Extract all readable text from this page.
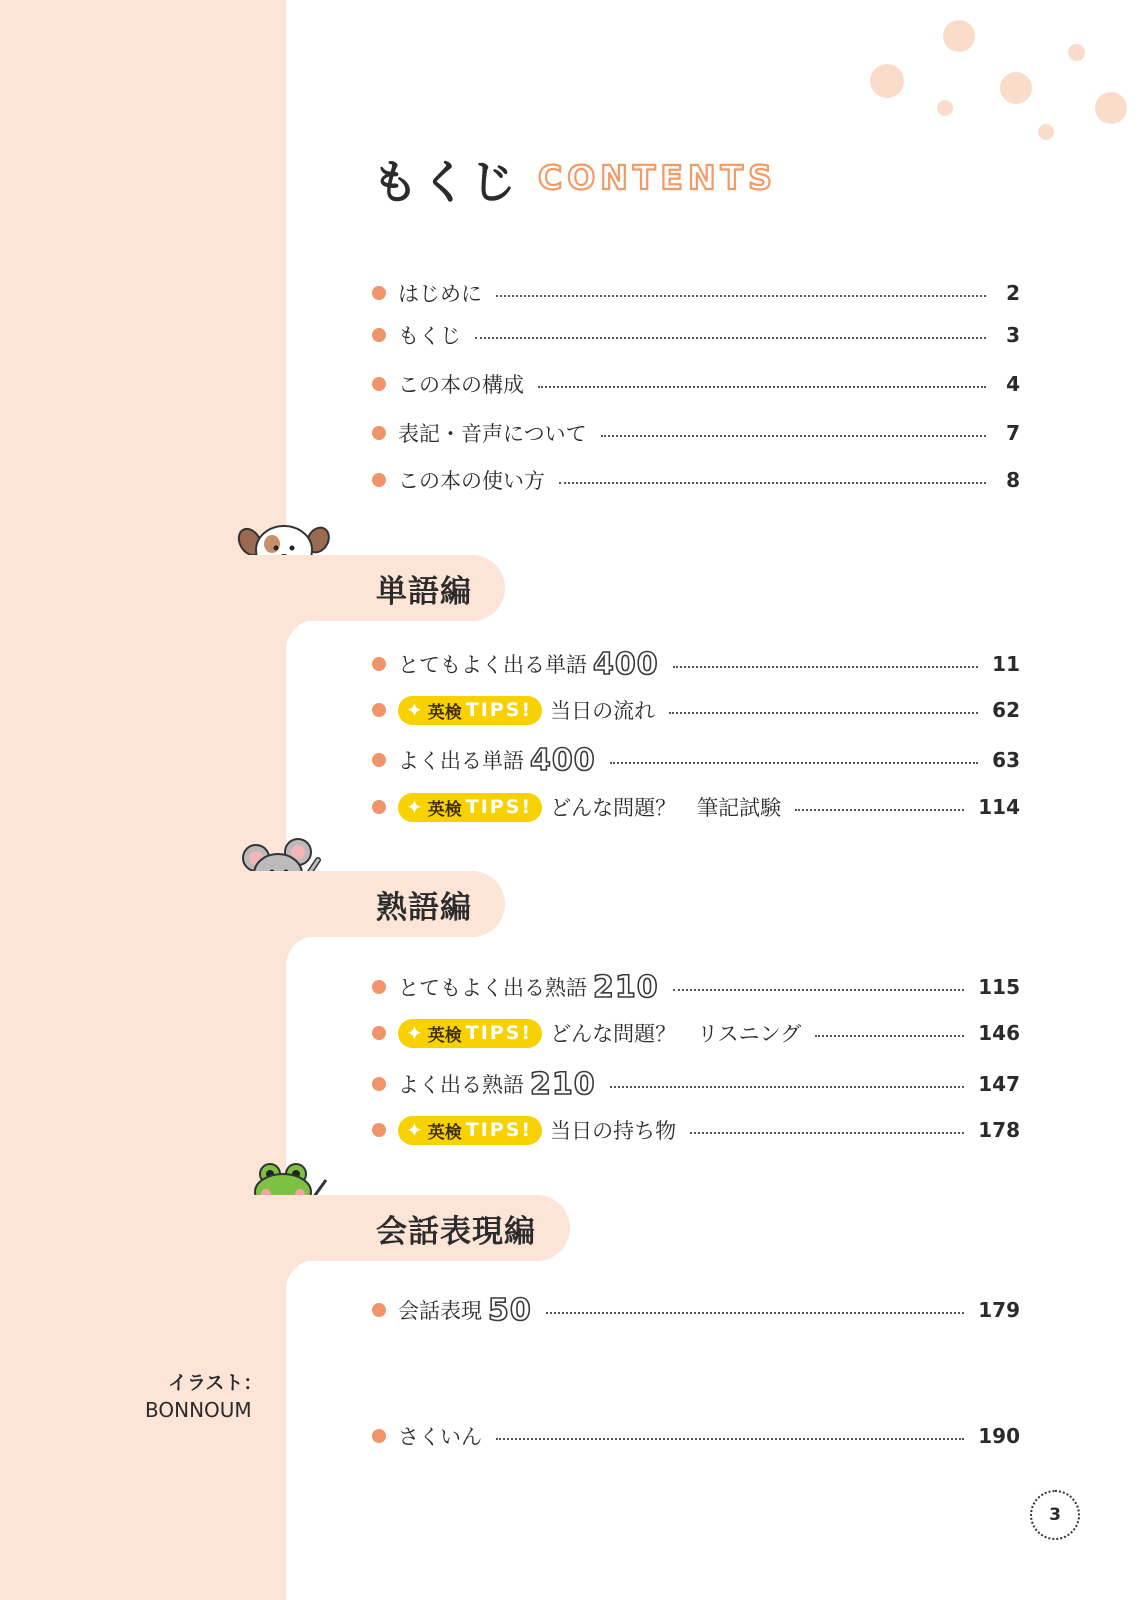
もくじ CONTENTS
はじめに	2
もくじ	3
この本の構成	4
表記・音声について	7
この本の使い方	8
単語編
とてもよく出る単語 400	11
✦ 英検 TIPS! 当日の流れ	62
よく出る単語 400	63
✦ 英検 TIPS! どんな問題？　筆記試験	114
熟語編
とてもよく出る熟語 210	115
✦ 英検 TIPS! どんな問題？　リスニング	146
よく出る熟語 210	147
✦ 英検 TIPS! 当日の持ち物	178
会話表現編
会話表現 50	179
さくいん	190
イラスト：
BONNOUM
3
